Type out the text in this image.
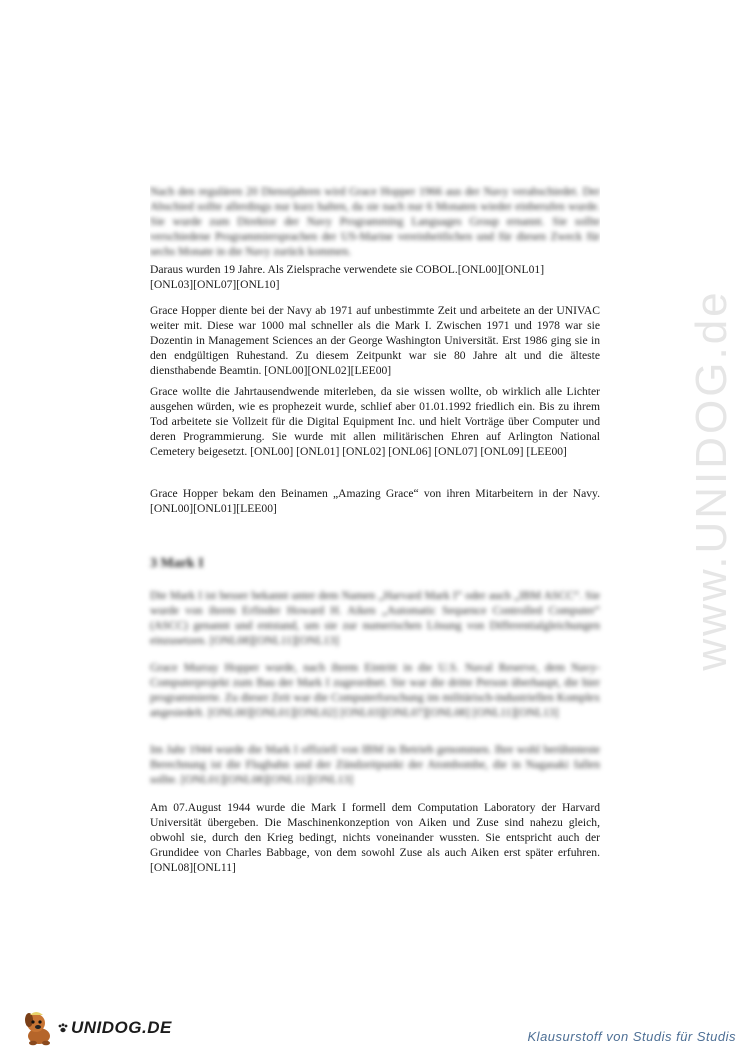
www.UNIDOG.de

Nach den regulären 20 Dienstjahren wird Grace Hopper 1966 aus der Navy verabschiedet. Der Abschied sollte allerdings nur kurz halten, da sie nach nur 6 Monaten wieder einberufen wurde. Sie wurde zum Direktor der Navy Programming Languages Group ernannt. Sie sollte verschiedene Programmiersprachen der US-Marine vereinheitlichen und für diesen Zweck für sechs Monate in die Navy zurück kommen.

Daraus wurden 19 Jahre. Als Zielsprache verwendete sie COBOL.[ONL00][ONL01]

[ONL03][ONL07][ONL10]

Grace Hopper diente bei der Navy ab 1971 auf unbestimmte Zeit und arbeitete an der UNIVAC weiter mit. Diese war 1000 mal schneller als die Mark I. Zwischen 1971 und 1978 war sie Dozentin in Management Sciences an der George Washington Universität. Erst 1986 ging sie in den endgültigen Ruhestand. Zu diesem Zeitpunkt war sie 80 Jahre alt und die älteste diensthabende Beamtin. [ONL00][ONL02][LEE00]

Grace wollte die Jahrtausendwende miterleben, da sie wissen wollte, ob wirklich alle Lichter ausgehen würden, wie es prophezeit wurde, schlief aber 01.01.1992 friedlich ein. Bis zu ihrem Tod arbeitete sie Vollzeit für die Digital Equipment Inc. und hielt Vorträge über Computer und deren Programmierung. Sie wurde mit allen militärischen Ehren auf Arlington National Cemetery beigesetzt. [ONL00] [ONL01] [ONL02] [ONL06] [ONL07] [ONL09] [LEE00]

Grace Hopper bekam den Beinamen „Amazing Grace“ von ihren Mitarbeitern in der Navy. [ONL00][ONL01][LEE00]

3 Mark I

Die Mark I ist besser bekannt unter dem Namen „Harvard Mark I“ oder auch „IBM ASCC“. Sie wurde von ihrem Erfinder Howard H. Aiken „Automatic Sequence Controlled Computer“ (ASCC) genannt und entstand, um sie zur numerischen Lösung von Differentialgleichungen einzusetzen. [ONL08][ONL11][ONL13]

Grace Murray Hopper wurde, nach ihrem Eintritt in die U.S. Naval Reserve, dem Navy-Computerprojekt zum Bau der Mark I zugeordnet. Sie war die dritte Person überhaupt, die hier programmierte. Zu dieser Zeit war die Computerforschung im militärisch-industriellen Komplex angesiedelt. [ONL00][ONL01][ONL02] [ONL03][ONL07][ONL08] [ONL11][ONL13]

Im Jahr 1944 wurde die Mark I offiziell von IBM in Betrieb genommen. Ihre wohl berühmteste Berechnung ist die Flugbahn und der Zündzeitpunkt der Atombombe, die in Nagasaki fallen sollte. [ONL01][ONL08][ONL11][ONL13]

Am 07.August 1944 wurde die Mark I formell dem Computation Laboratory der Harvard Universität übergeben. Die Maschinenkonzeption von Aiken und Zuse sind nahezu gleich, obwohl sie, durch den Krieg bedingt, nichts voneinander wussten. Sie entspricht auch der Grundidee von Charles Babbage, von dem sowohl Zuse als auch Aiken erst später erfuhren.[ONL08][ONL11]

UNIDOG.DE	Klausurstoff von Studis für Studis
